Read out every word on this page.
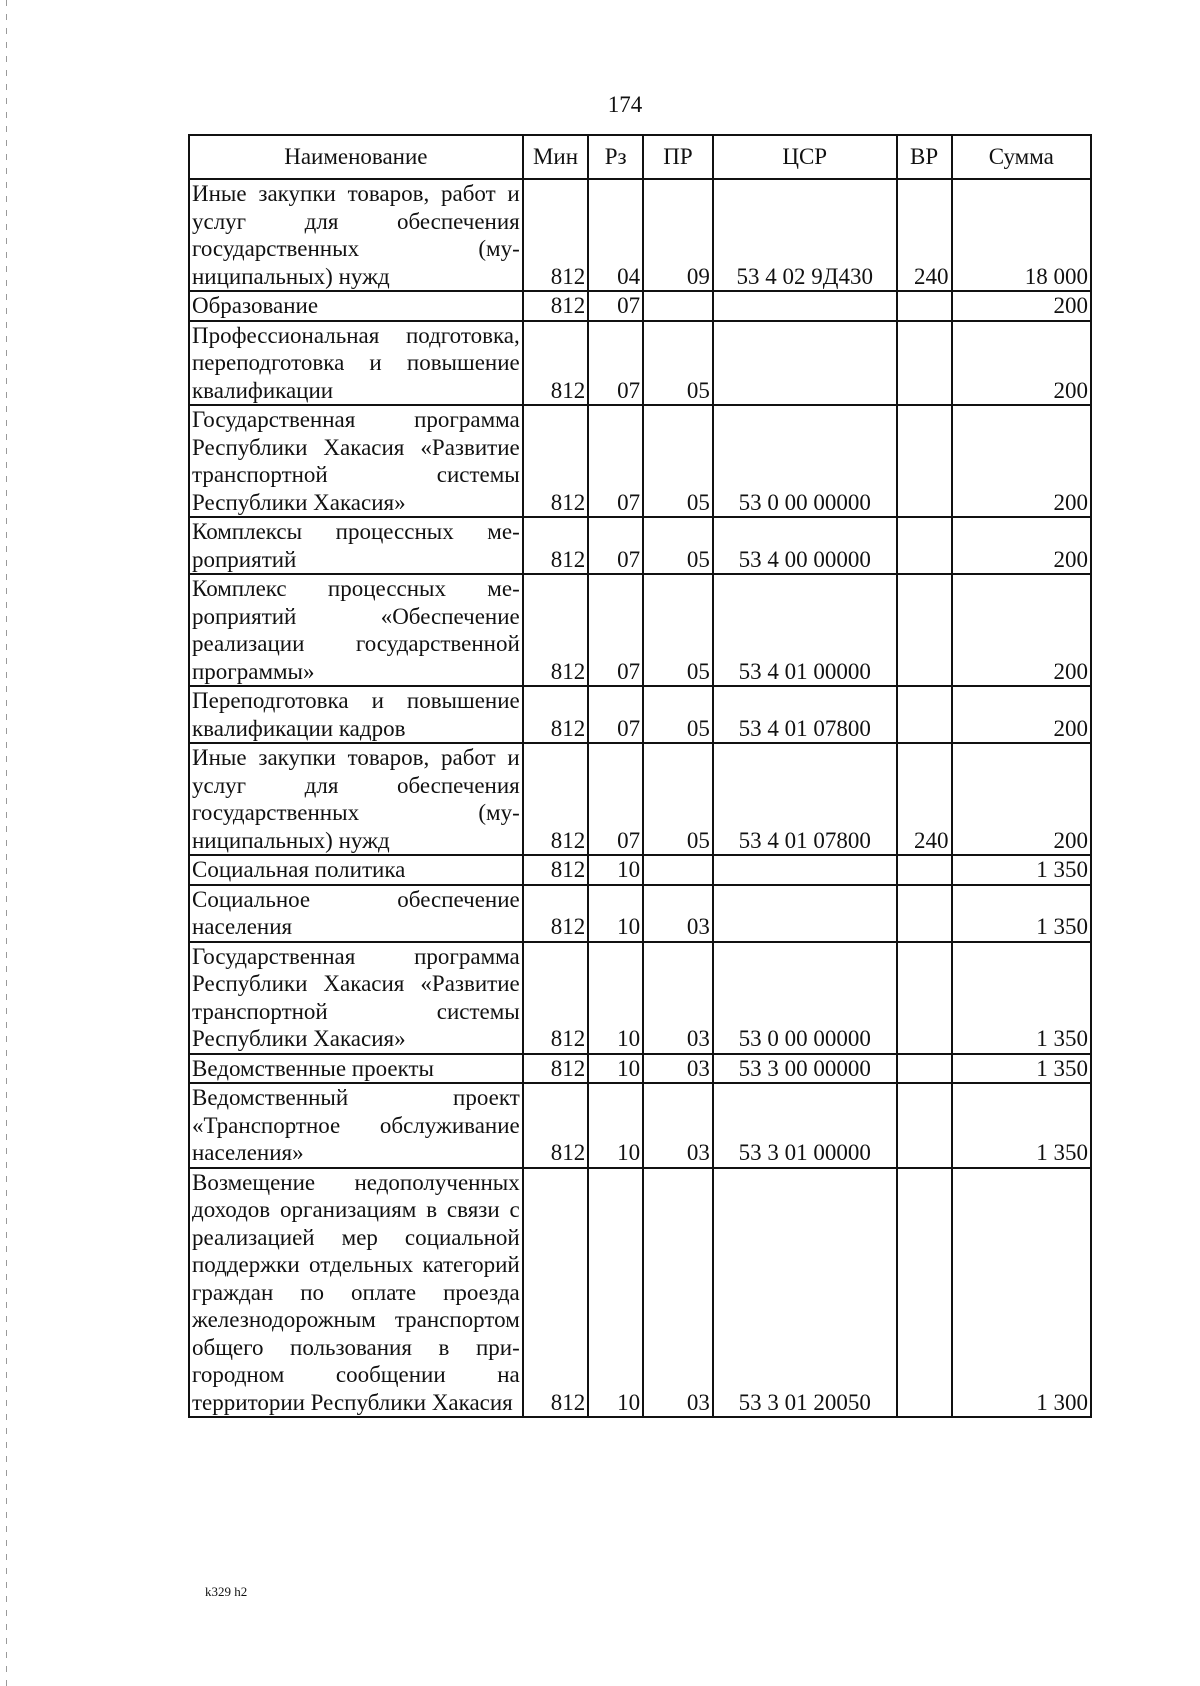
174
Наименование	Мин	Рз	ПР	ЦСР	ВР	Сумма
Иные закупки товаров, работ и услуг для обеспечения государственных (муниципальных) нужд	812	04	09	53 4 02 9Д430	240	18 000
Образование	812	07				200
Профессиональная подготовка, переподготовка и повышение квалификации	812	07	05			200
Государственная программа Республики Хакасия «Развитие транспортной системы Республики Хакасия»	812	07	05	53 0 00 00000		200
Комплексы процессных мероприятий	812	07	05	53 4 00 00000		200
Комплекс процессных мероприятий «Обеспечение реализации государственной программы»	812	07	05	53 4 01 00000		200
Переподготовка и повышение квалификации кадров	812	07	05	53 4 01 07800		200
Иные закупки товаров, работ и услуг для обеспечения государственных (муниципальных) нужд	812	07	05	53 4 01 07800	240	200
Социальная политика	812	10				1 350
Социальное обеспечение населения	812	10	03			1 350
Государственная программа Республики Хакасия «Развитие транспортной системы Республики Хакасия»	812	10	03	53 0 00 00000		1 350
Ведомственные проекты	812	10	03	53 3 00 00000		1 350
Ведомственный проект «Транспортное обслуживание населения»	812	10	03	53 3 01 00000		1 350
Возмещение недополученных доходов организациям в связи с реализацией мер социальной поддержки отдельных категорий граждан по оплате проезда железнодорожным транспортом общего пользования в пригородном сообщении на территории Республики Хакасия	812	10	03	53 3 01 20050		1 300
k329 h2
